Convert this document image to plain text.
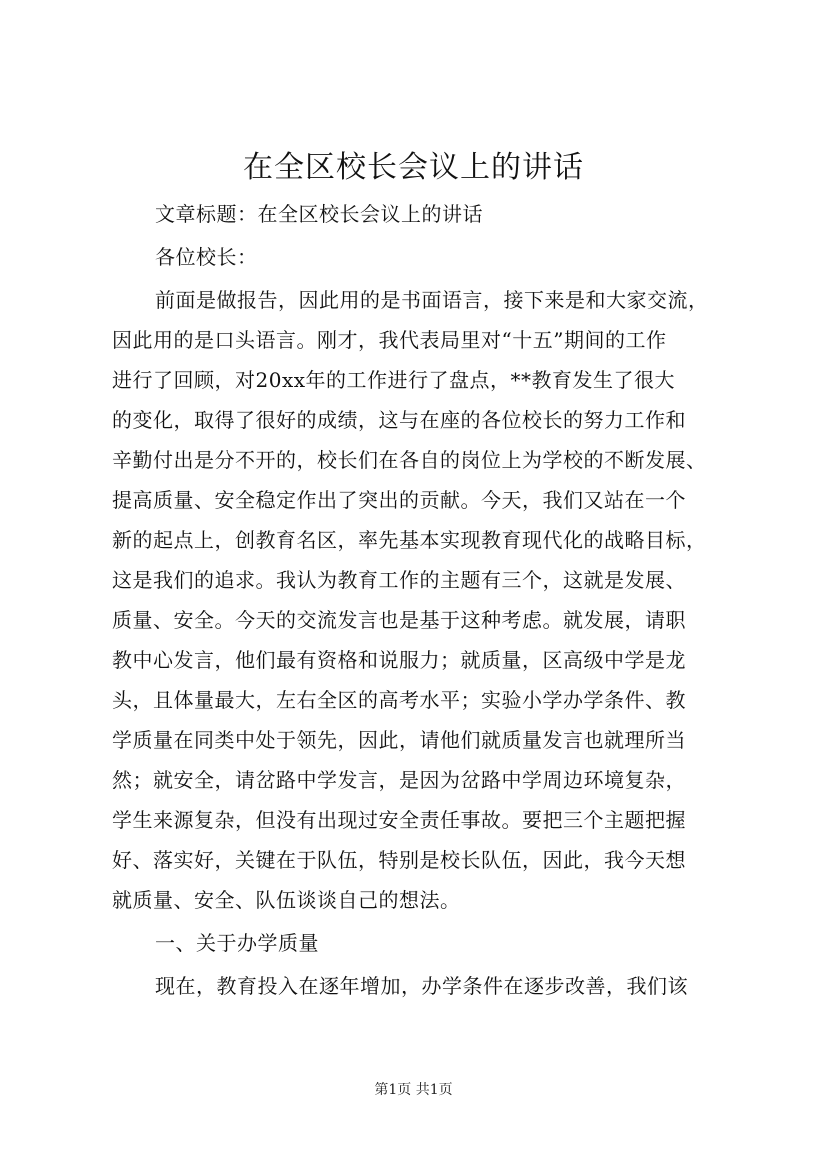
在全区校长会议上的讲话
文章标题：在全区校长会议上的讲话
各位校长：
前面是做报告，因此用的是书面语言，接下来是和大家交流，
因此用的是口头语言。刚才，我代表局里对“十五”期间的工作
进行了回顾，对20xx年的工作进行了盘点，**教育发生了很大
的变化，取得了很好的成绩，这与在座的各位校长的努力工作和
辛勤付出是分不开的，校长们在各自的岗位上为学校的不断发展、
提高质量、安全稳定作出了突出的贡献。今天，我们又站在一个
新的起点上，创教育名区，率先基本实现教育现代化的战略目标，
这是我们的追求。我认为教育工作的主题有三个，这就是发展、
质量、安全。今天的交流发言也是基于这种考虑。就发展，请职
教中心发言，他们最有资格和说服力；就质量，区高级中学是龙
头，且体量最大，左右全区的高考水平；实验小学办学条件、教
学质量在同类中处于领先，因此，请他们就质量发言也就理所当
然；就安全，请岔路中学发言，是因为岔路中学周边环境复杂，
学生来源复杂，但没有出现过安全责任事故。要把三个主题把握
好、落实好，关键在于队伍，特别是校长队伍，因此，我今天想
就质量、安全、队伍谈谈自己的想法。
一、关于办学质量
现在，教育投入在逐年增加，办学条件在逐步改善，我们该
第1页 共1页
